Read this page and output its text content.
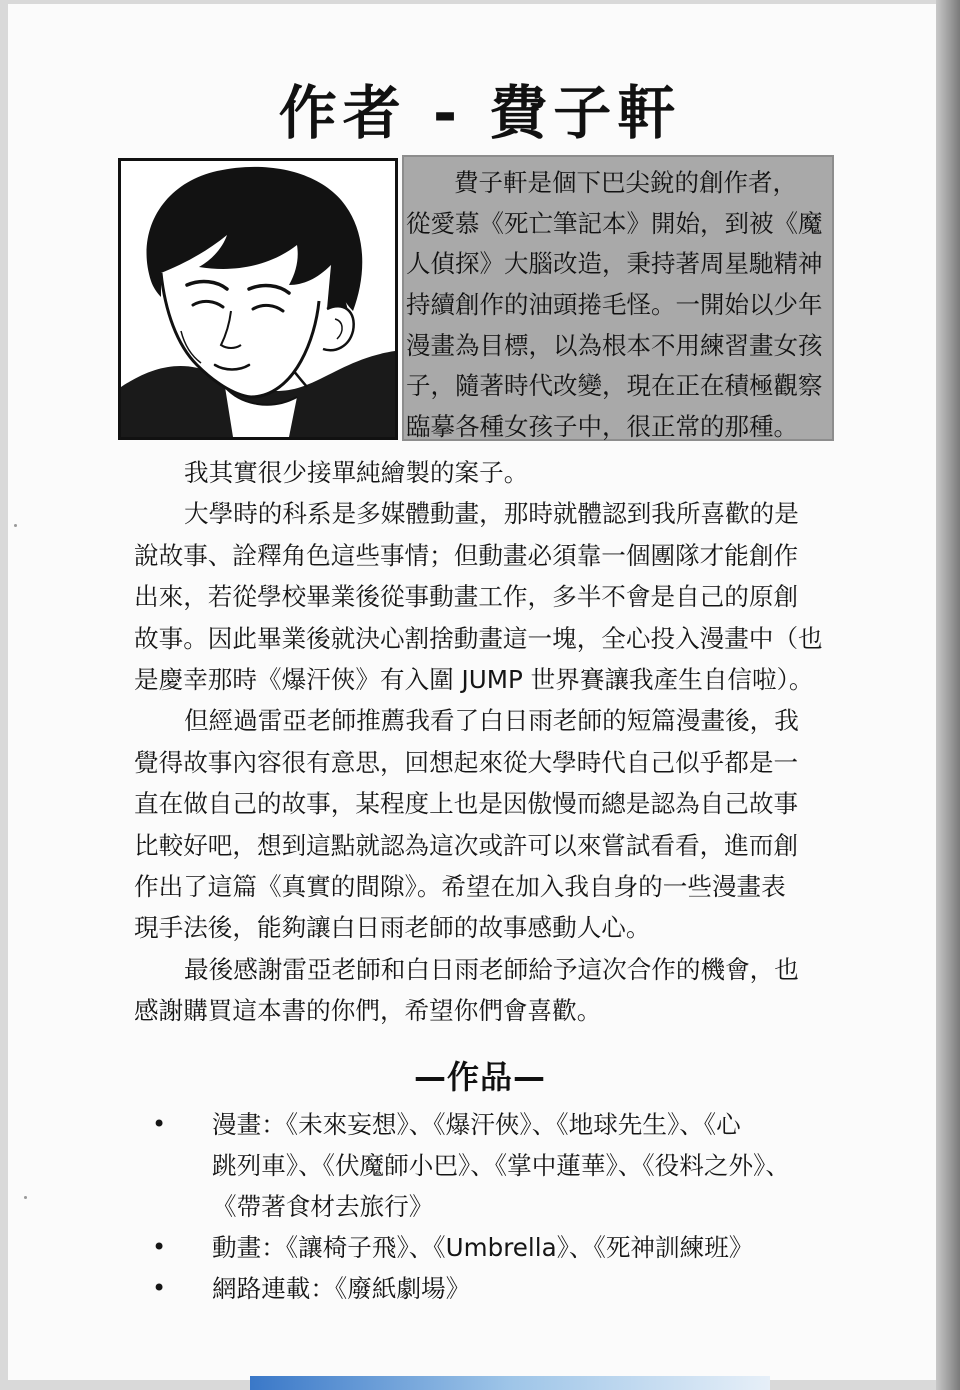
作者 - 費子軒
費子軒是個下巴尖銳的創作者，
從愛慕《死亡筆記本》開始，到被《魔
人偵探》大腦改造，秉持著周星馳精神
持續創作的油頭捲毛怪。一開始以少年
漫畫為目標，以為根本不用練習畫女孩
子，隨著時代改變，現在正在積極觀察
臨摹各種女孩子中，很正常的那種。
我其實很少接單純繪製的案子。
大學時的科系是多媒體動畫，那時就體認到我所喜歡的是
說故事、詮釋角色這些事情；但動畫必須靠一個團隊才能創作
出來，若從學校畢業後從事動畫工作，多半不會是自己的原創
故事。因此畢業後就決心割捨動畫這一塊，全心投入漫畫中（也
是慶幸那時《爆汗俠》有入圍 JUMP 世界賽讓我產生自信啦）。
但經過雷亞老師推薦我看了白日雨老師的短篇漫畫後，我
覺得故事內容很有意思，回想起來從大學時代自己似乎都是一
直在做自己的故事，某程度上也是因傲慢而總是認為自己故事
比較好吧，想到這點就認為這次或許可以來嘗試看看，進而創
作出了這篇《真實的間隙》。希望在加入我自身的一些漫畫表
現手法後，能夠讓白日雨老師的故事感動人心。
最後感謝雷亞老師和白日雨老師給予這次合作的機會，也
感謝購買這本書的你們，希望你們會喜歡。
—作品—
• 漫畫：《未來妄想》、《爆汗俠》、《地球先生》、《心
跳列車》、《伏魔師小巴》、《掌中蓮華》、《役料之外》、
《帶著食材去旅行》
• 動畫：《讓椅子飛》、《Umbrella》、《死神訓練班》
• 網路連載：《廢紙劇場》
